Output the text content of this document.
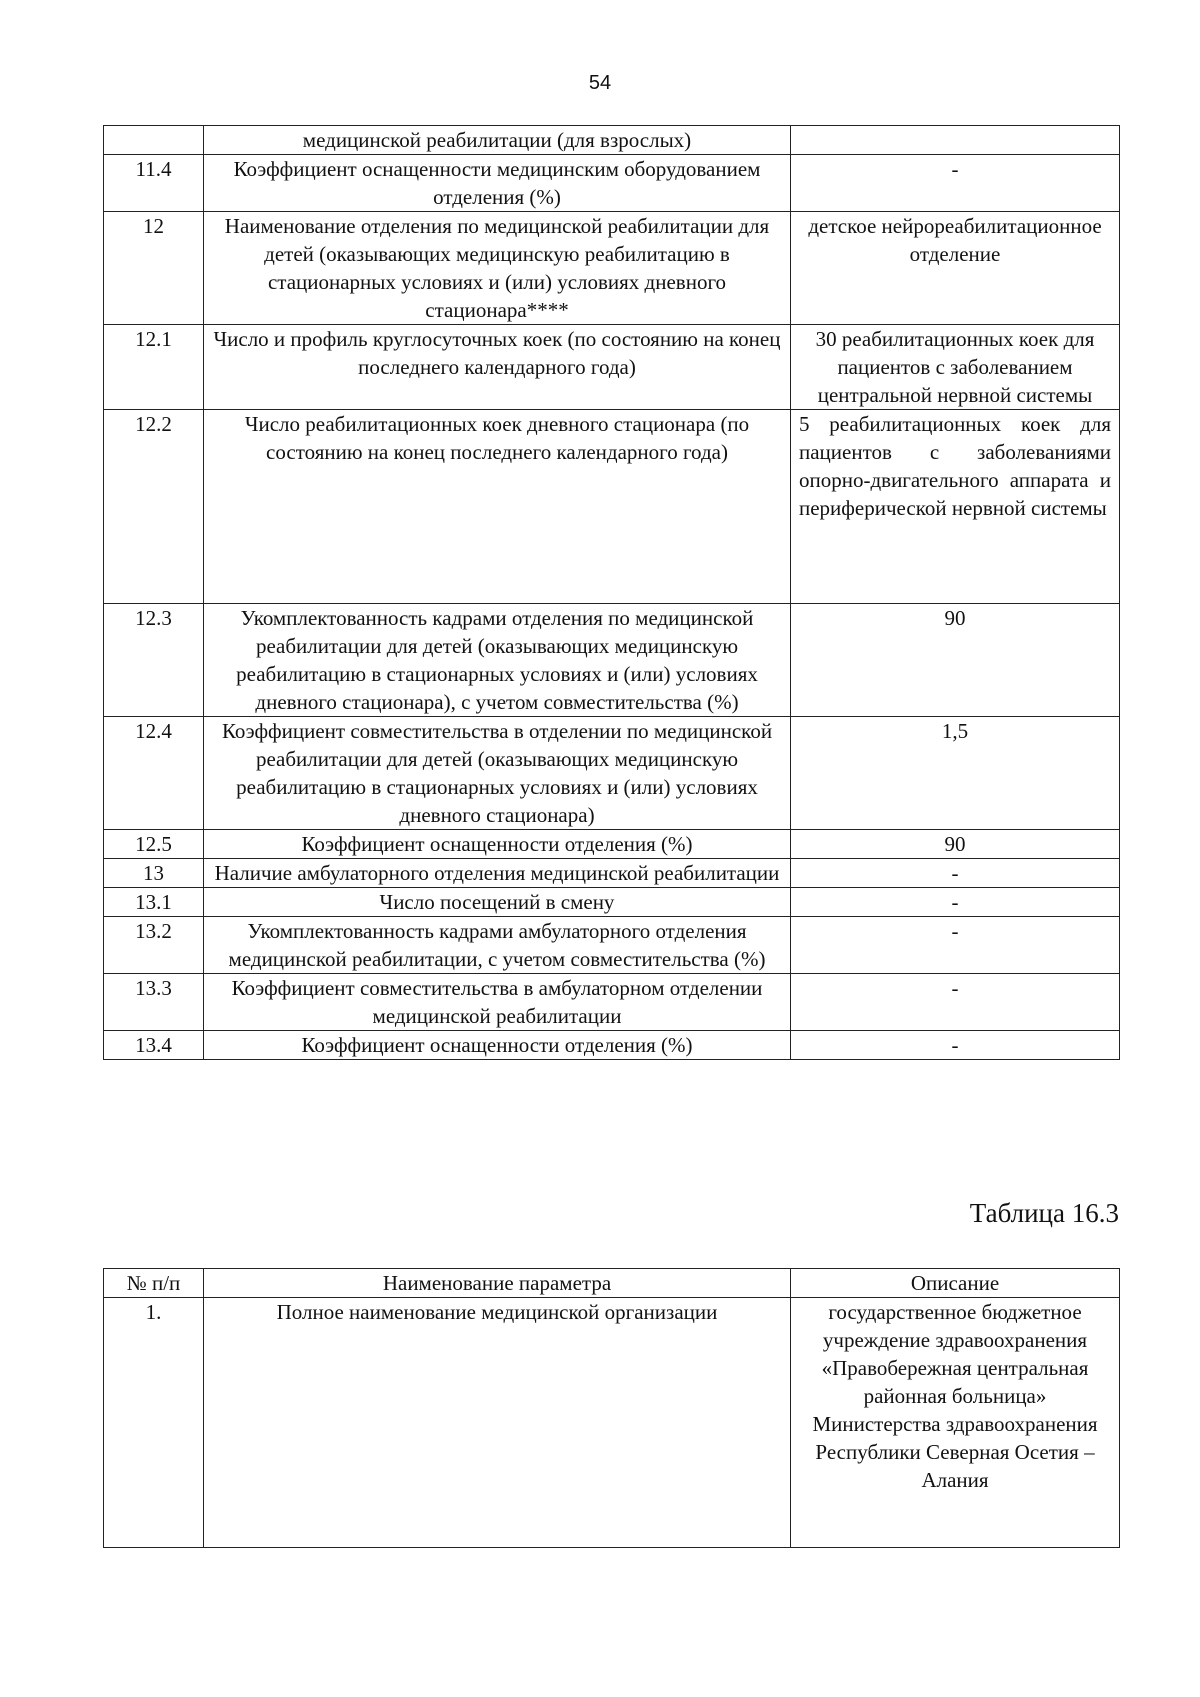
54
	медицинской реабилитации (для взрослых)	
11.4	Коэффициент оснащенности медицинским оборудованием отделения (%)	-
12	Наименование отделения по медицинской реабилитации для детей (оказывающих медицинскую реабилитацию в стационарных условиях и (или) условиях дневного стационара****	детское нейрореабилитационное отделение
12.1	Число и профиль круглосуточных коек (по состоянию на конец последнего календарного года)	30 реабилитационных коек для пациентов с заболеванием центральной нервной системы
12.2	Число реабилитационных коек дневного стационара (по состоянию на конец последнего календарного года)	5 реабилитационных коек для пациентов с заболеваниями опорно-двигательного аппарата и периферической нервной системы
12.3	Укомплектованность кадрами отделения по медицинской реабилитации для детей (оказывающих медицинскую реабилитацию в стационарных условиях и (или) условиях дневного стационара), с учетом совместительства (%)	90
12.4	Коэффициент совместительства в отделении по медицинской реабилитации для детей (оказывающих медицинскую реабилитацию в стационарных условиях и (или) условиях дневного стационара)	1,5
12.5	Коэффициент оснащенности отделения (%)	90
13	Наличие амбулаторного отделения медицинской реабилитации	-
13.1	Число посещений в смену	-
13.2	Укомплектованность кадрами амбулаторного отделения медицинской реабилитации, с учетом совместительства (%)	-
13.3	Коэффициент совместительства в амбулаторном отделении медицинской реабилитации	-
13.4	Коэффициент оснащенности отделения (%)	-
Таблица 16.3
№ п/п	Наименование параметра	Описание
1.	Полное наименование медицинской организации	государственное бюджетное учреждение здравоохранения «Правобережная центральная районная больница» Министерства здравоохранения Республики Северная Осетия – Алания
